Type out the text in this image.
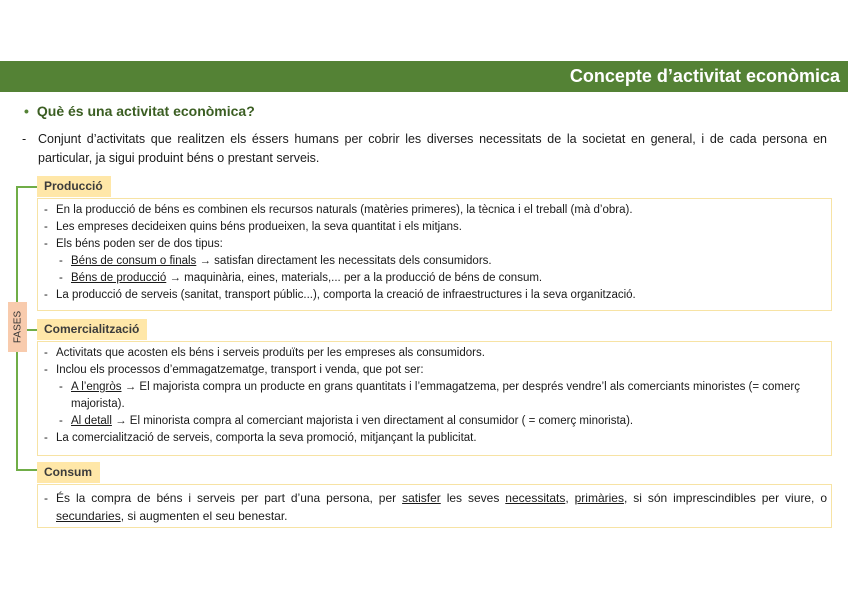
Concepte d’activitat econòmica
• Què és una activitat econòmica?
- Conjunt d’activitats que realitzen els éssers humans per cobrir les diverses necessitats de la societat en general, i de cada persona en particular, ja sigui produint béns o prestant serveis.
FASES
Producció
- En la producció de béns es combinen els recursos naturals (matèries primeres), la tècnica i el treball (mà d’obra).
- Les empreses decideixen quins béns produeixen, la seva quantitat i els mitjans.
- Els béns poden ser de dos tipus:
- Béns de consum o finals → satisfan directament les necessitats dels consumidors.
- Béns de producció → maquinària, eines, materials,... per a la producció de béns de consum.
- La producció de serveis (sanitat, transport públic...), comporta la creació de infraestructures i la seva organització.
Comercialització
- Activitats que acosten els béns i serveis produïts per les empreses als consumidors.
- Inclou els processos d’emmagatzematge, transport i venda, que pot ser:
- A l’engròs → El majorista compra un producte en grans quantitats i l’emmagatzema, per després vendre’l als comerciants minoristes (= comerç majorista).
- Al detall → El minorista compra al comerciant majorista i ven directament al consumidor ( = comerç minorista).
- La comercialització de serveis, comporta la seva promoció, mitjançant la publicitat.
Consum
- És la compra de béns i serveis per part d’una persona, per satisfer les seves necessitats, primàries, si són imprescindibles per viure, o secundaries, si augmenten el seu benestar.
